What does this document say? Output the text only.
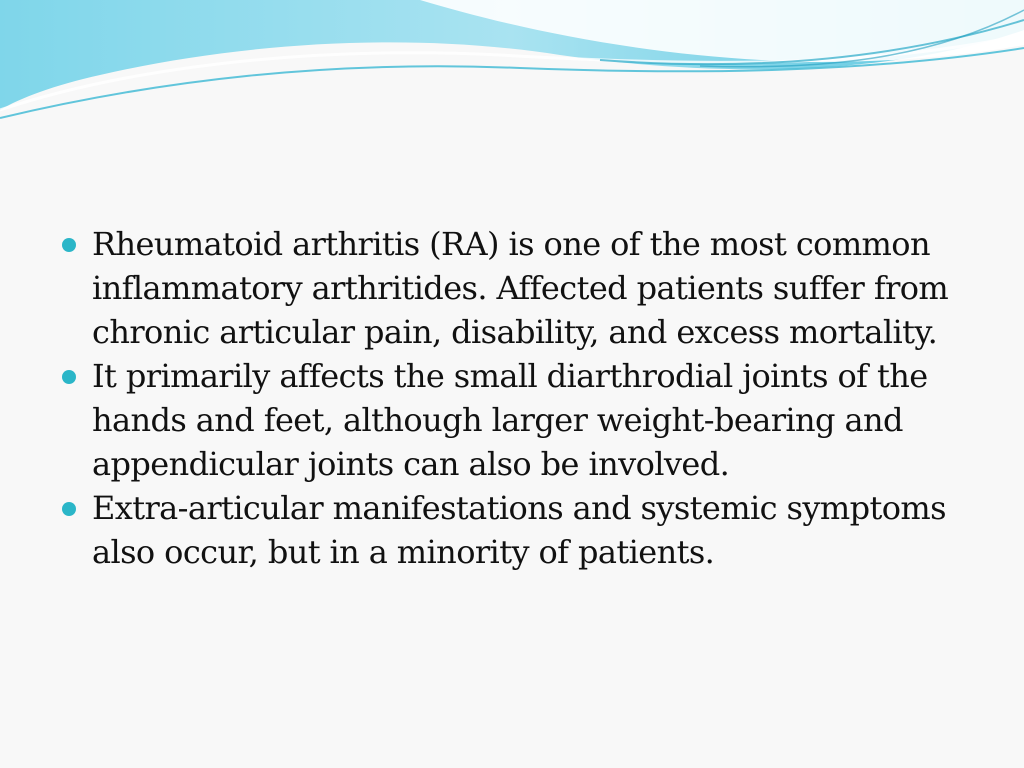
Rheumatoid arthritis (RA) is one of the most common inflammatory arthritides. Affected patients suffer from chronic articular pain, disability, and excess mortality.
It primarily affects the small diarthrodial joints of the hands and feet, although larger weight-bearing and appendicular joints can also be involved.
Extra-articular manifestations and systemic symptoms also occur, but in a minority of patients.
